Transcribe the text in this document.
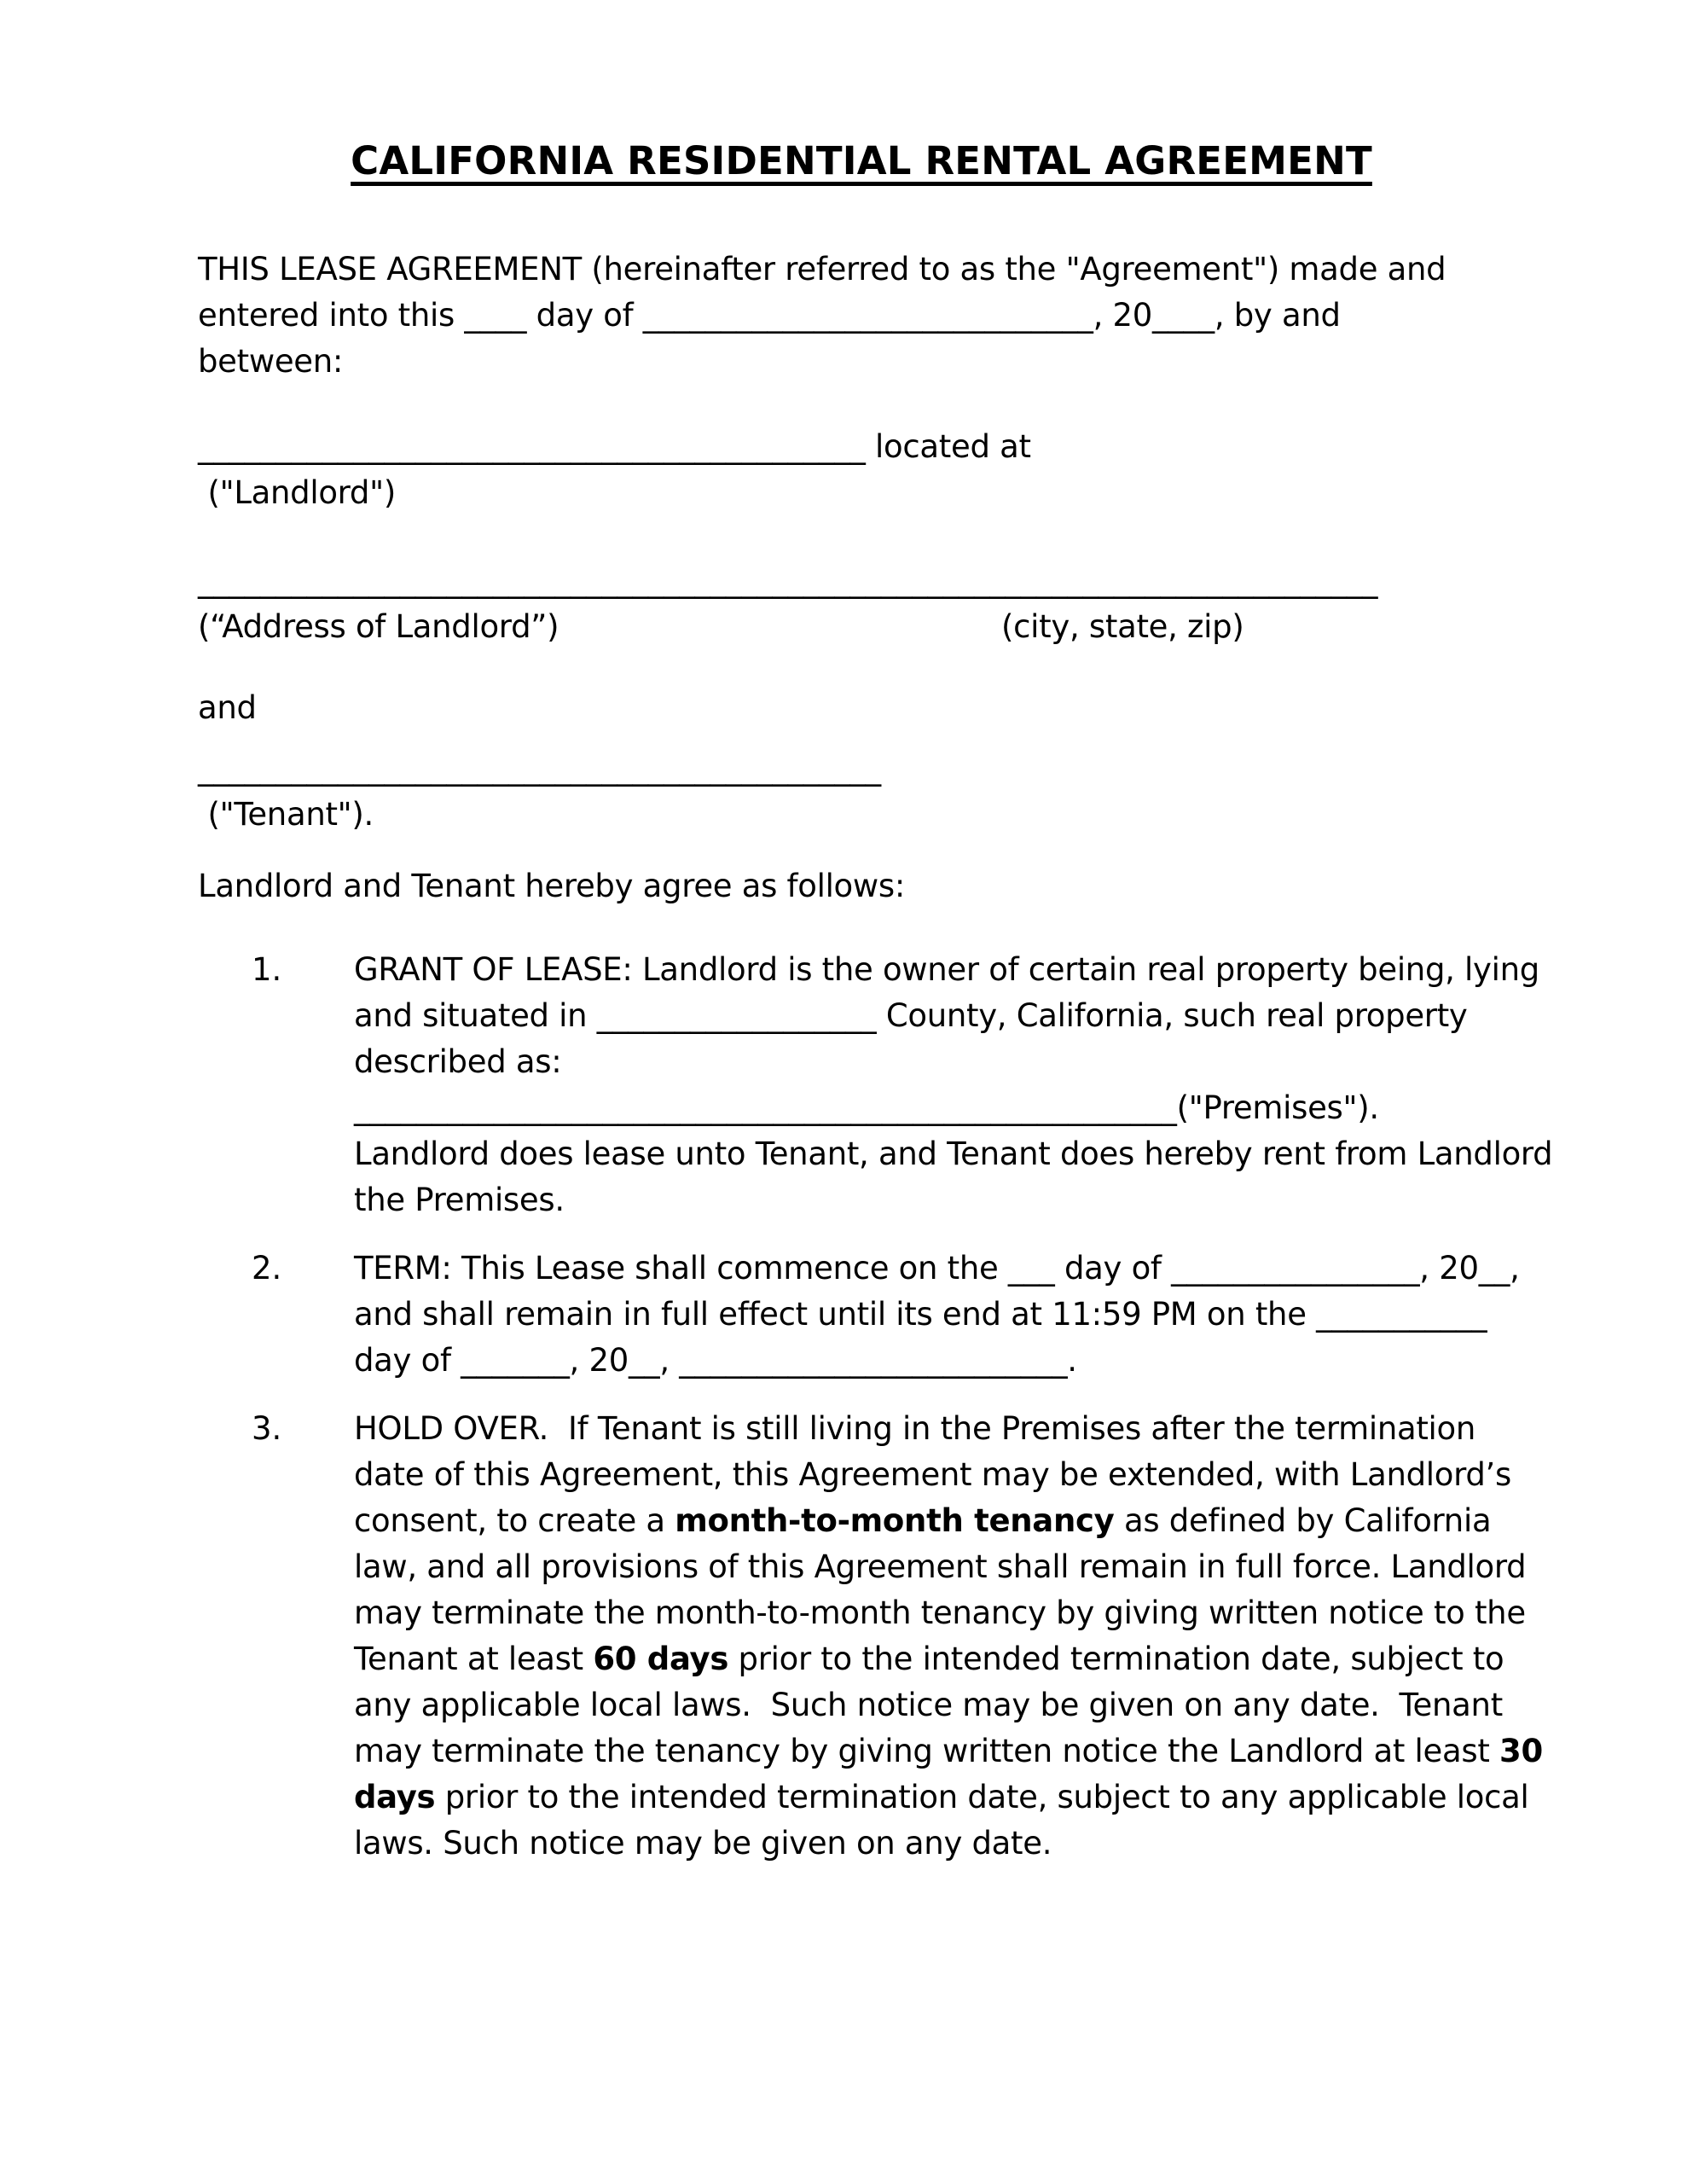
CALIFORNIA RESIDENTIAL RENTAL AGREEMENT
THIS LEASE AGREEMENT (hereinafter referred to as the "Agreement") made and
entered into this ____ day of _____________________________, 20____, by and
between:
___________________________________________ located at
("Landlord")
____________________________________________________________________________
(“Address of Landlord”)	(city, state, zip)
and
____________________________________________
("Tenant").
Landlord and Tenant hereby agree as follows:
1.	GRANT OF LEASE: Landlord is the owner of certain real property being, lying
and situated in __________________ County, California, such real property
described as:
_____________________________________________________("Premises").
Landlord does lease unto Tenant, and Tenant does hereby rent from Landlord
the Premises.
2.	TERM: This Lease shall commence on the ___ day of ________________, 20__,
and shall remain in full effect until its end at 11:59 PM on the ___________
day of _______, 20__, _________________________.
3.	HOLD OVER.  If Tenant is still living in the Premises after the termination
date of this Agreement, this Agreement may be extended, with Landlord’s
consent, to create a month-to-month tenancy as defined by California
law, and all provisions of this Agreement shall remain in full force. Landlord
may terminate the month-to-month tenancy by giving written notice to the
Tenant at least 60 days prior to the intended termination date, subject to
any applicable local laws.  Such notice may be given on any date.  Tenant
may terminate the tenancy by giving written notice the Landlord at least 30
days prior to the intended termination date, subject to any applicable local
laws. Such notice may be given on any date.
